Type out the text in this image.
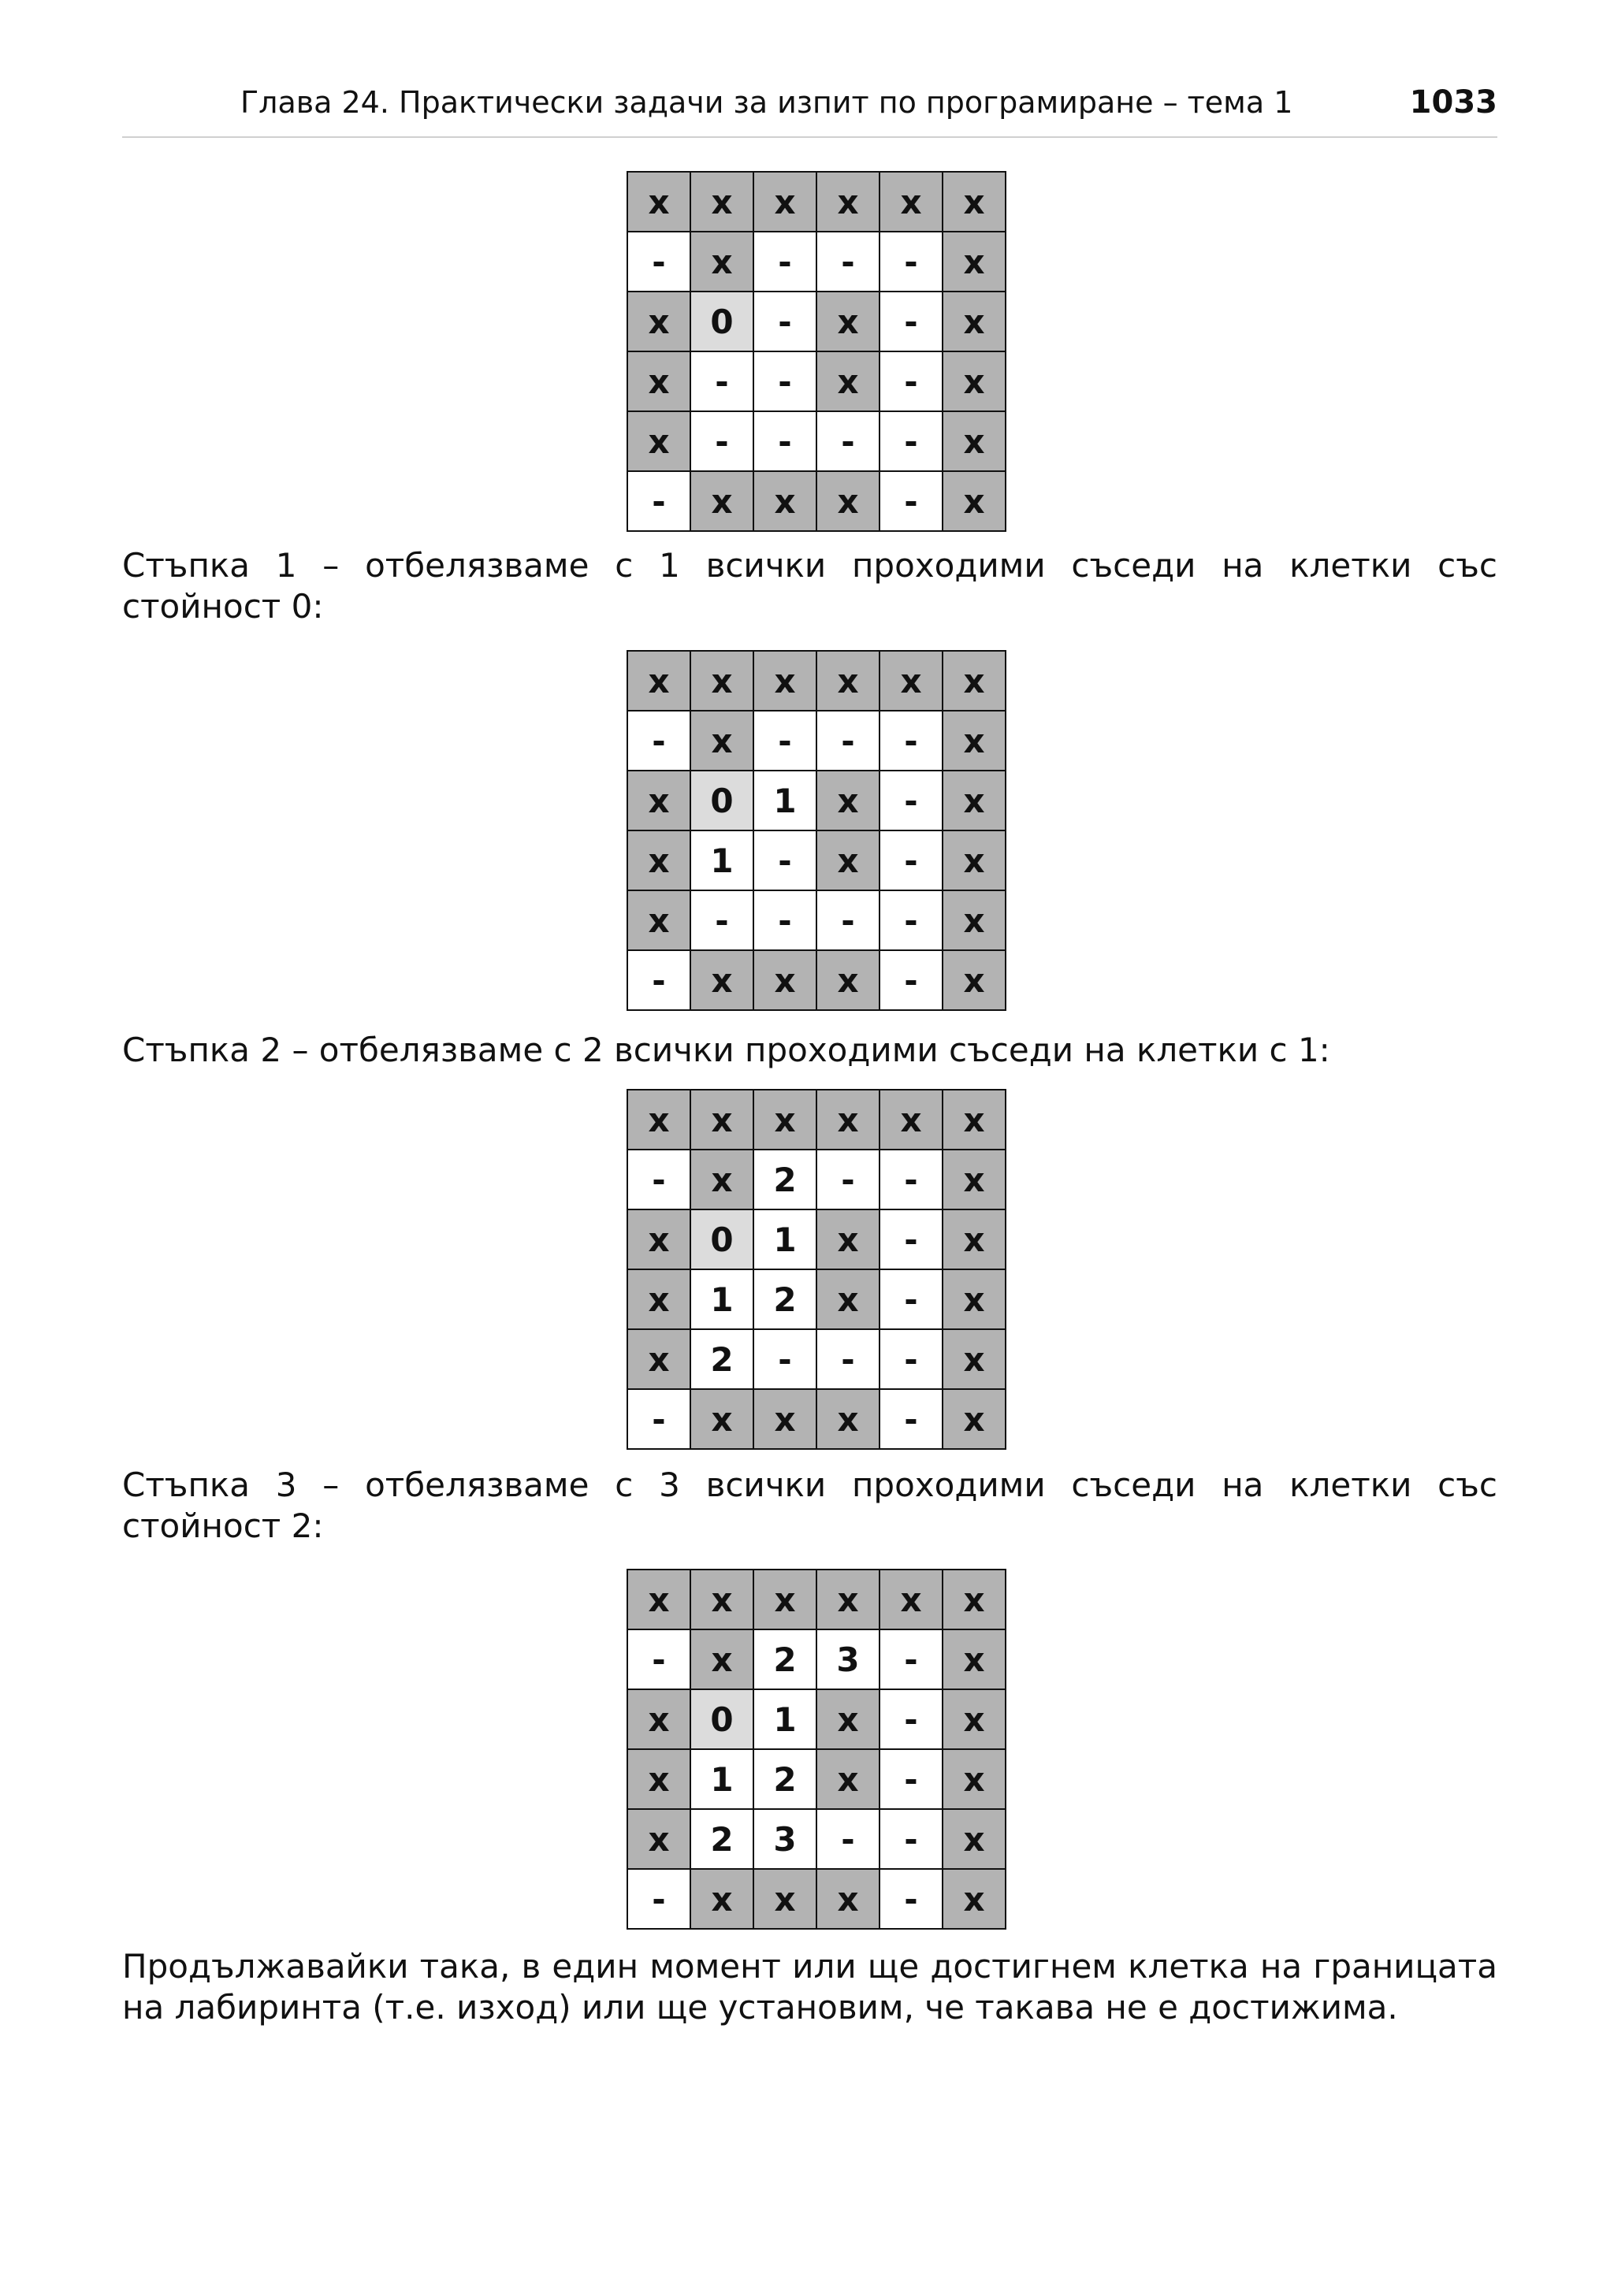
Глава 24. Практически задачи за изпит по програмиране – тема 1	1033
x	x	x	x	x	x
-	x	-	-	-	x
x	0	-	x	-	x
x	-	-	x	-	x
x	-	-	-	-	x
-	x	x	x	-	x

Стъпка 1 – отбелязваме с 1 всички проходими съседи на клетки със стойност 0:

x	x	x	x	x	x
-	x	-	-	-	x
x	0	1	x	-	x
x	1	-	x	-	x
x	-	-	-	-	x
-	x	x	x	-	x

Стъпка 2 – отбелязваме с 2 всички проходими съседи на клетки с 1:

x	x	x	x	x	x
-	x	2	-	-	x
x	0	1	x	-	x
x	1	2	x	-	x
x	2	-	-	-	x
-	x	x	x	-	x

Стъпка 3 – отбелязваме с 3 всички проходими съседи на клетки със стойност 2:

x	x	x	x	x	x
-	x	2	3	-	x
x	0	1	x	-	x
x	1	2	x	-	x
x	2	3	-	-	x
-	x	x	x	-	x

Продължавайки така, в един момент или ще достигнем клетка на границата на лабиринта (т.е. изход) или ще установим, че такава не е достижима.
